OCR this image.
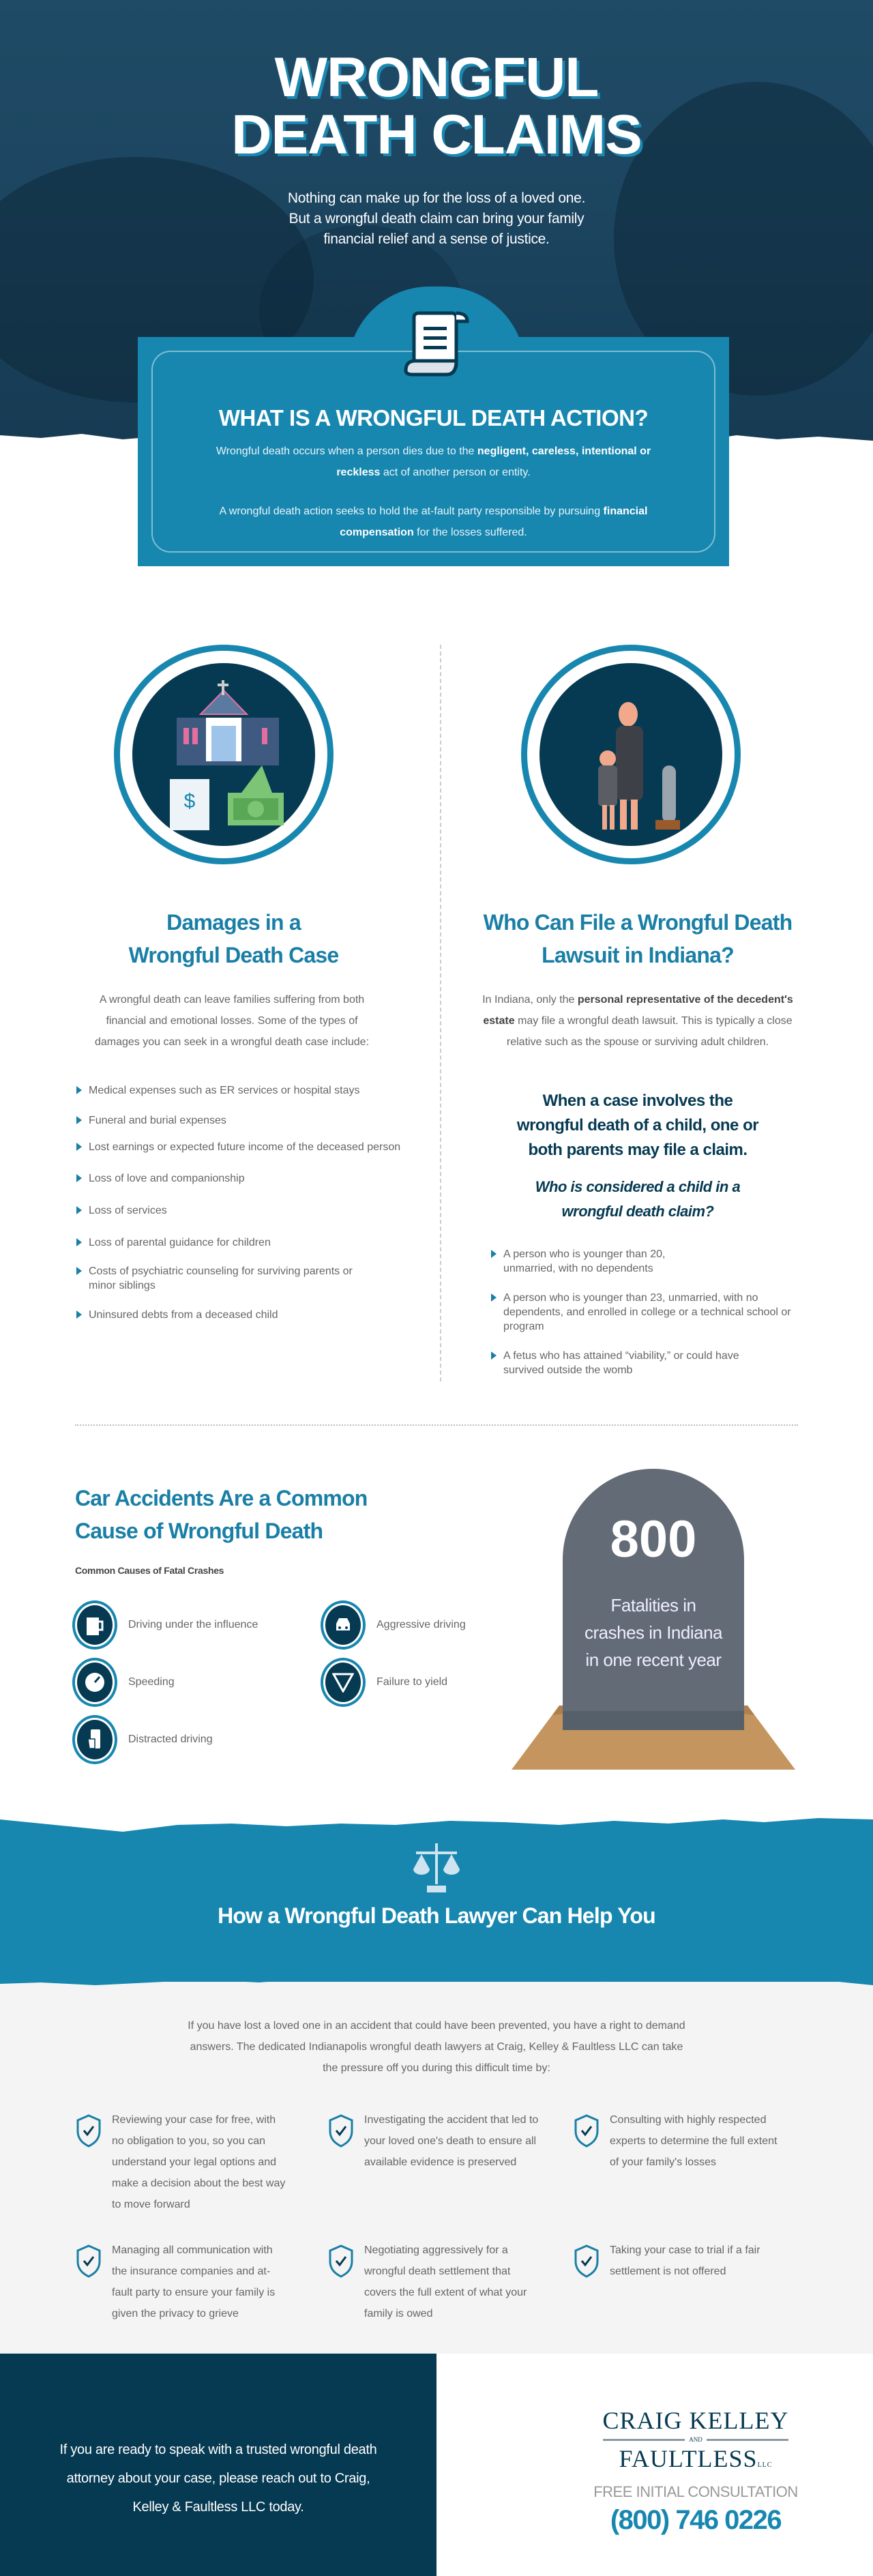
WRONGFUL
DEATH CLAIMS
Nothing can make up for the loss of a loved one.
But a wrongful death claim can bring your family
financial relief and a sense of justice.
WHAT IS A WRONGFUL DEATH ACTION?

Wrongful death occurs when a person dies due to the negligent, careless, intentional or reckless act of another person or entity.

A wrongful death action seeks to hold the at-fault party responsible by pursuing financial compensation for the losses suffered.

$
Damages in a
Wrongful Death Case

A wrongful death can leave families suffering from both financial and emotional losses. Some of the types of damages you can seek in a wrongful death case include:

Medical expenses such as ER services or hospital stays
Funeral and burial expenses
Lost earnings or expected future income of the deceased person
Loss of love and companionship
Loss of services
Loss of parental guidance for children
Costs of psychiatric counseling for surviving parents or minor siblings
Uninsured debts from a deceased child
Who Can File a Wrongful Death
Lawsuit in Indiana?

In Indiana, only the personal representative of the decedent's estate may file a wrongful death lawsuit. This is typically a close relative such as the spouse or surviving adult children.

When a case involves the wrongful death of a child, one or both parents may file a claim.
Who is considered a child in a wrongful death claim?
A person who is younger than 20, unmarried, with no dependents
A person who is younger than 23, unmarried, with no dependents, and enrolled in college or a technical school or program
A fetus who has attained “viability,” or could have survived outside the womb
Car Accidents Are a Common
Cause of Wrongful Death
Common Causes of Fatal Crashes
Driving under the influence	Aggressive driving
Speeding	Failure to yield
Distracted driving
800
Fatalities in crashes in Indiana in one recent year
How a Wrongful Death Lawyer Can Help You

If you have lost a loved one in an accident that could have been prevented, you have a right to demand answers. The dedicated Indianapolis wrongful death lawyers at Craig, Kelley & Faultless LLC can take the pressure off you during this difficult time by:

Reviewing your case for free, with no obligation to you, so you can understand your legal options and make a decision about the best way to move forward

Investigating the accident that led to your loved one's death to ensure all available evidence is preserved

Consulting with highly respected experts to determine the full extent of your family's losses

Managing all communication with the insurance companies and at-fault party to ensure your family is given the privacy to grieve

Negotiating aggressively for a wrongful death settlement that covers the full extent of what your family is owed

Taking your case to trial if a fair settlement is not offered

If you are ready to speak with a trusted wrongful death attorney about your case, please reach out to Craig, Kelley & Faultless LLC today.

CRAIG KELLEY
AND
FAULTLESSLLC
FREE INITIAL CONSULTATION
(800) 746 0226
